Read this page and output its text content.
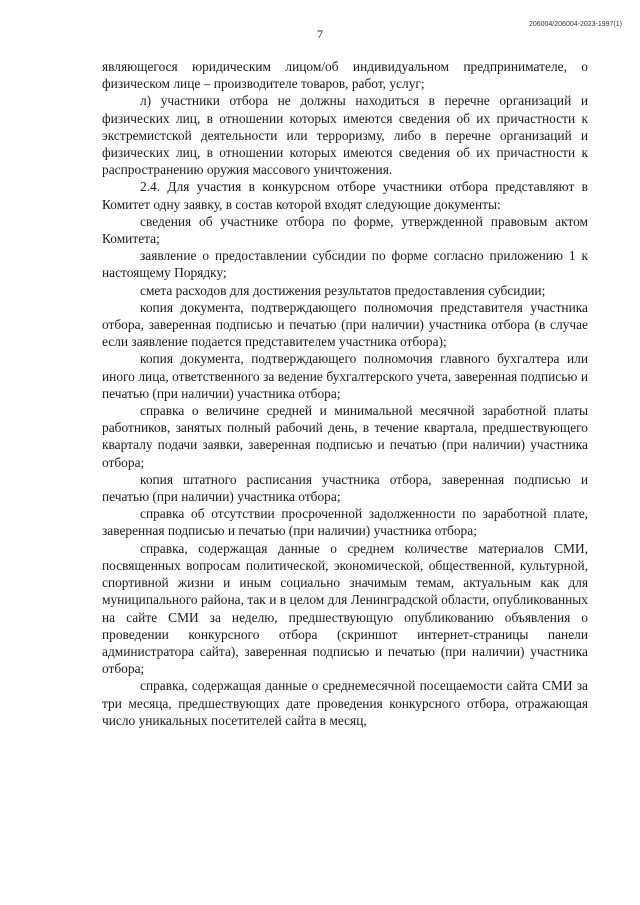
7
206004/206004-2023-1997(1)

являющегося юридическим лицом/об индивидуальном предпринимателе, о физическом лице – производителе товаров, работ, услуг;

л) участники отбора не должны находиться в перечне организаций и физических лиц, в отношении которых имеются сведения об их причастности к экстремистской деятельности или терроризму, либо в перечне организаций и физических лиц, в отношении которых имеются сведения об их причастности к распространению оружия массового уничтожения.

2.4. Для участия в конкурсном отборе участники отбора представляют в Комитет одну заявку, в состав которой входят следующие документы:

сведения об участнике отбора по форме, утвержденной правовым актом Комитета;

заявление о предоставлении субсидии по форме согласно приложению 1 к настоящему Порядку;

смета расходов для достижения результатов предоставления субсидии;

копия документа, подтверждающего полномочия представителя участника отбора, заверенная подписью и печатью (при наличии) участника отбора (в случае если заявление подается представителем участника отбора);

копия документа, подтверждающего полномочия главного бухгалтера или иного лица, ответственного за ведение бухгалтерского учета, заверенная подписью и печатью (при наличии) участника отбора;

справка о величине средней и минимальной месячной заработной платы работников, занятых полный рабочий день, в течение квартала, предшествующего кварталу подачи заявки, заверенная подписью и печатью (при наличии) участника отбора;

копия штатного расписания участника отбора, заверенная подписью и печатью (при наличии) участника отбора;

справка об отсутствии просроченной задолженности по заработной плате, заверенная подписью и печатью (при наличии) участника отбора;

справка, содержащая данные о среднем количестве материалов СМИ, посвященных вопросам политической, экономической, общественной, культурной, спортивной жизни и иным социально значимым темам, актуальным как для муниципального района, так и в целом для Ленинградской области, опубликованных на сайте СМИ за неделю, предшествующую опубликованию объявления о проведении конкурсного отбора (скриншот интернет-страницы панели администратора сайта), заверенная подписью и печатью (при наличии) участника отбора;

справка, содержащая данные о среднемесячной посещаемости сайта СМИ за три месяца, предшествующих дате проведения конкурсного отбора, отражающая число уникальных посетителей сайта в месяц,
